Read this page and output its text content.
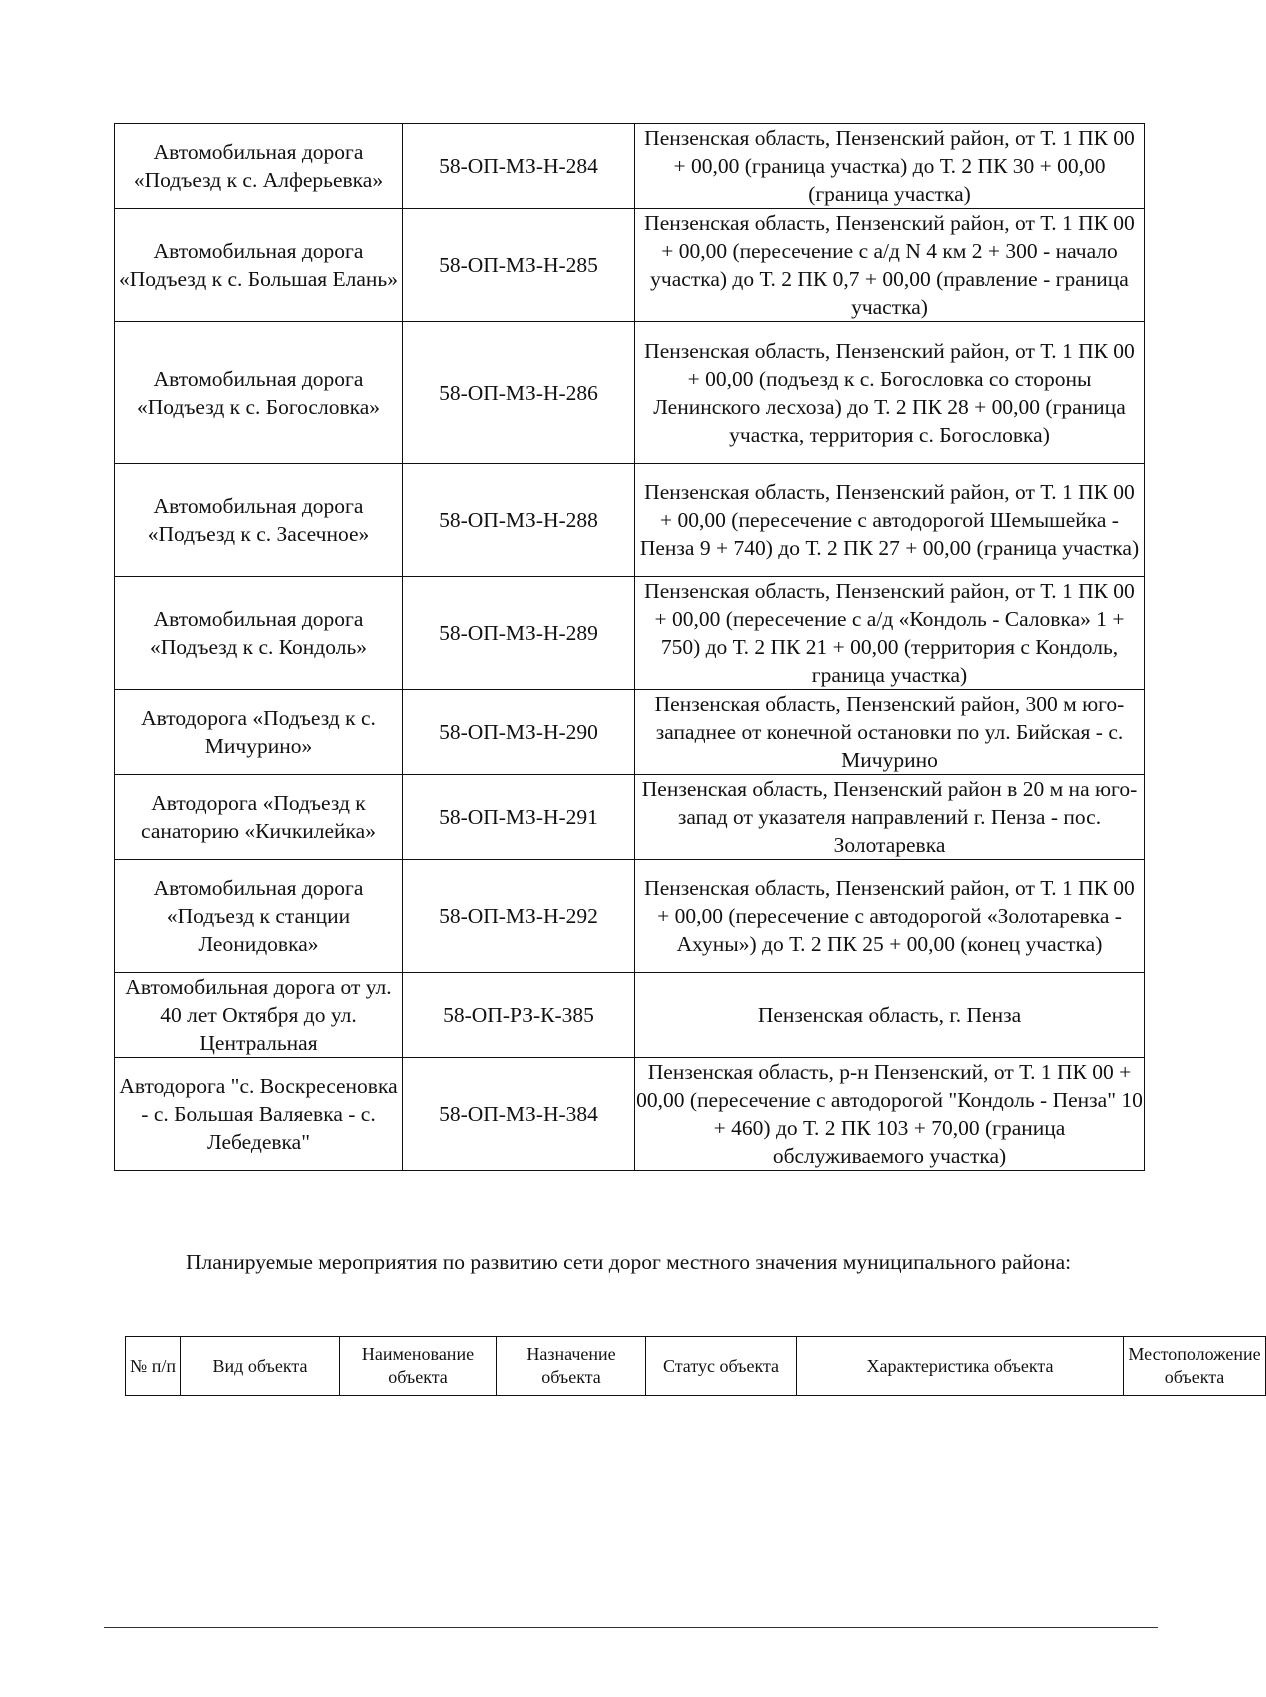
Автомобильная дорога «Подъезд к с. Алферьевка»	58-ОП-МЗ-Н-284	Пензенская область, Пензенский район, от Т. 1 ПК 00 + 00,00 (граница участка) до Т. 2 ПК 30 + 00,00 (граница участка)
Автомобильная дорога «Подъезд к с. Большая Елань»	58-ОП-МЗ-Н-285	Пензенская область, Пензенский район, от Т. 1 ПК 00 + 00,00 (пересечение с а/д N 4 км 2 + 300 - начало участка) до Т. 2 ПК 0,7 + 00,00 (правление - граница участка)
Автомобильная дорога «Подъезд к с. Богословка»	58-ОП-МЗ-Н-286	Пензенская область, Пензенский район, от Т. 1 ПК 00 + 00,00 (подъезд к с. Богословка со стороны Ленинского лесхоза) до Т. 2 ПК 28 + 00,00 (граница участка, территория с. Богословка)
Автомобильная дорога «Подъезд к с. Засечное»	58-ОП-МЗ-Н-288	Пензенская область, Пензенский район, от Т. 1 ПК 00 + 00,00 (пересечение с автодорогой Шемышейка - Пенза 9 + 740) до Т. 2 ПК 27 + 00,00 (граница участка)
Автомобильная дорога «Подъезд к с. Кондоль»	58-ОП-МЗ-Н-289	Пензенская область, Пензенский район, от Т. 1 ПК 00 + 00,00 (пересечение с а/д «Кондоль - Саловка» 1 + 750) до Т. 2 ПК 21 + 00,00 (территория с Кондоль, граница участка)
Автодорога «Подъезд к с. Мичурино»	58-ОП-МЗ-Н-290	Пензенская область, Пензенский район, 300 м юго-западнее от конечной остановки по ул. Бийская - с. Мичурино
Автодорога «Подъезд к санаторию «Кичкилейка»	58-ОП-МЗ-Н-291	Пензенская область, Пензенский район в 20 м на юго-запад от указателя направлений г. Пенза - пос. Золотаревка
Автомобильная дорога «Подъезд к станции Леонидовка»	58-ОП-МЗ-Н-292	Пензенская область, Пензенский район, от Т. 1 ПК 00 + 00,00 (пересечение с автодорогой «Золотаревка - Ахуны») до Т. 2 ПК 25 + 00,00 (конец участка)
Автомобильная дорога от ул. 40 лет Октября до ул. Центральная	58-ОП-РЗ-К-385	Пензенская область, г. Пенза
Автодорога "с. Воскресеновка - с. Большая Валяевка - с. Лебедевка"	58-ОП-МЗ-Н-384	Пензенская область, р-н Пензенский, от Т. 1 ПК 00 + 00,00 (пересечение с автодорогой "Кондоль - Пенза" 10 + 460) до Т. 2 ПК 103 + 70,00 (граница обслуживаемого участка)

Планируемые мероприятия по развитию сети дорог местного значения муниципального района:

№ п/п	Вид объекта	Наименование объекта	Назначение объекта	Статус объекта	Характеристика объекта	Местоположение объекта
